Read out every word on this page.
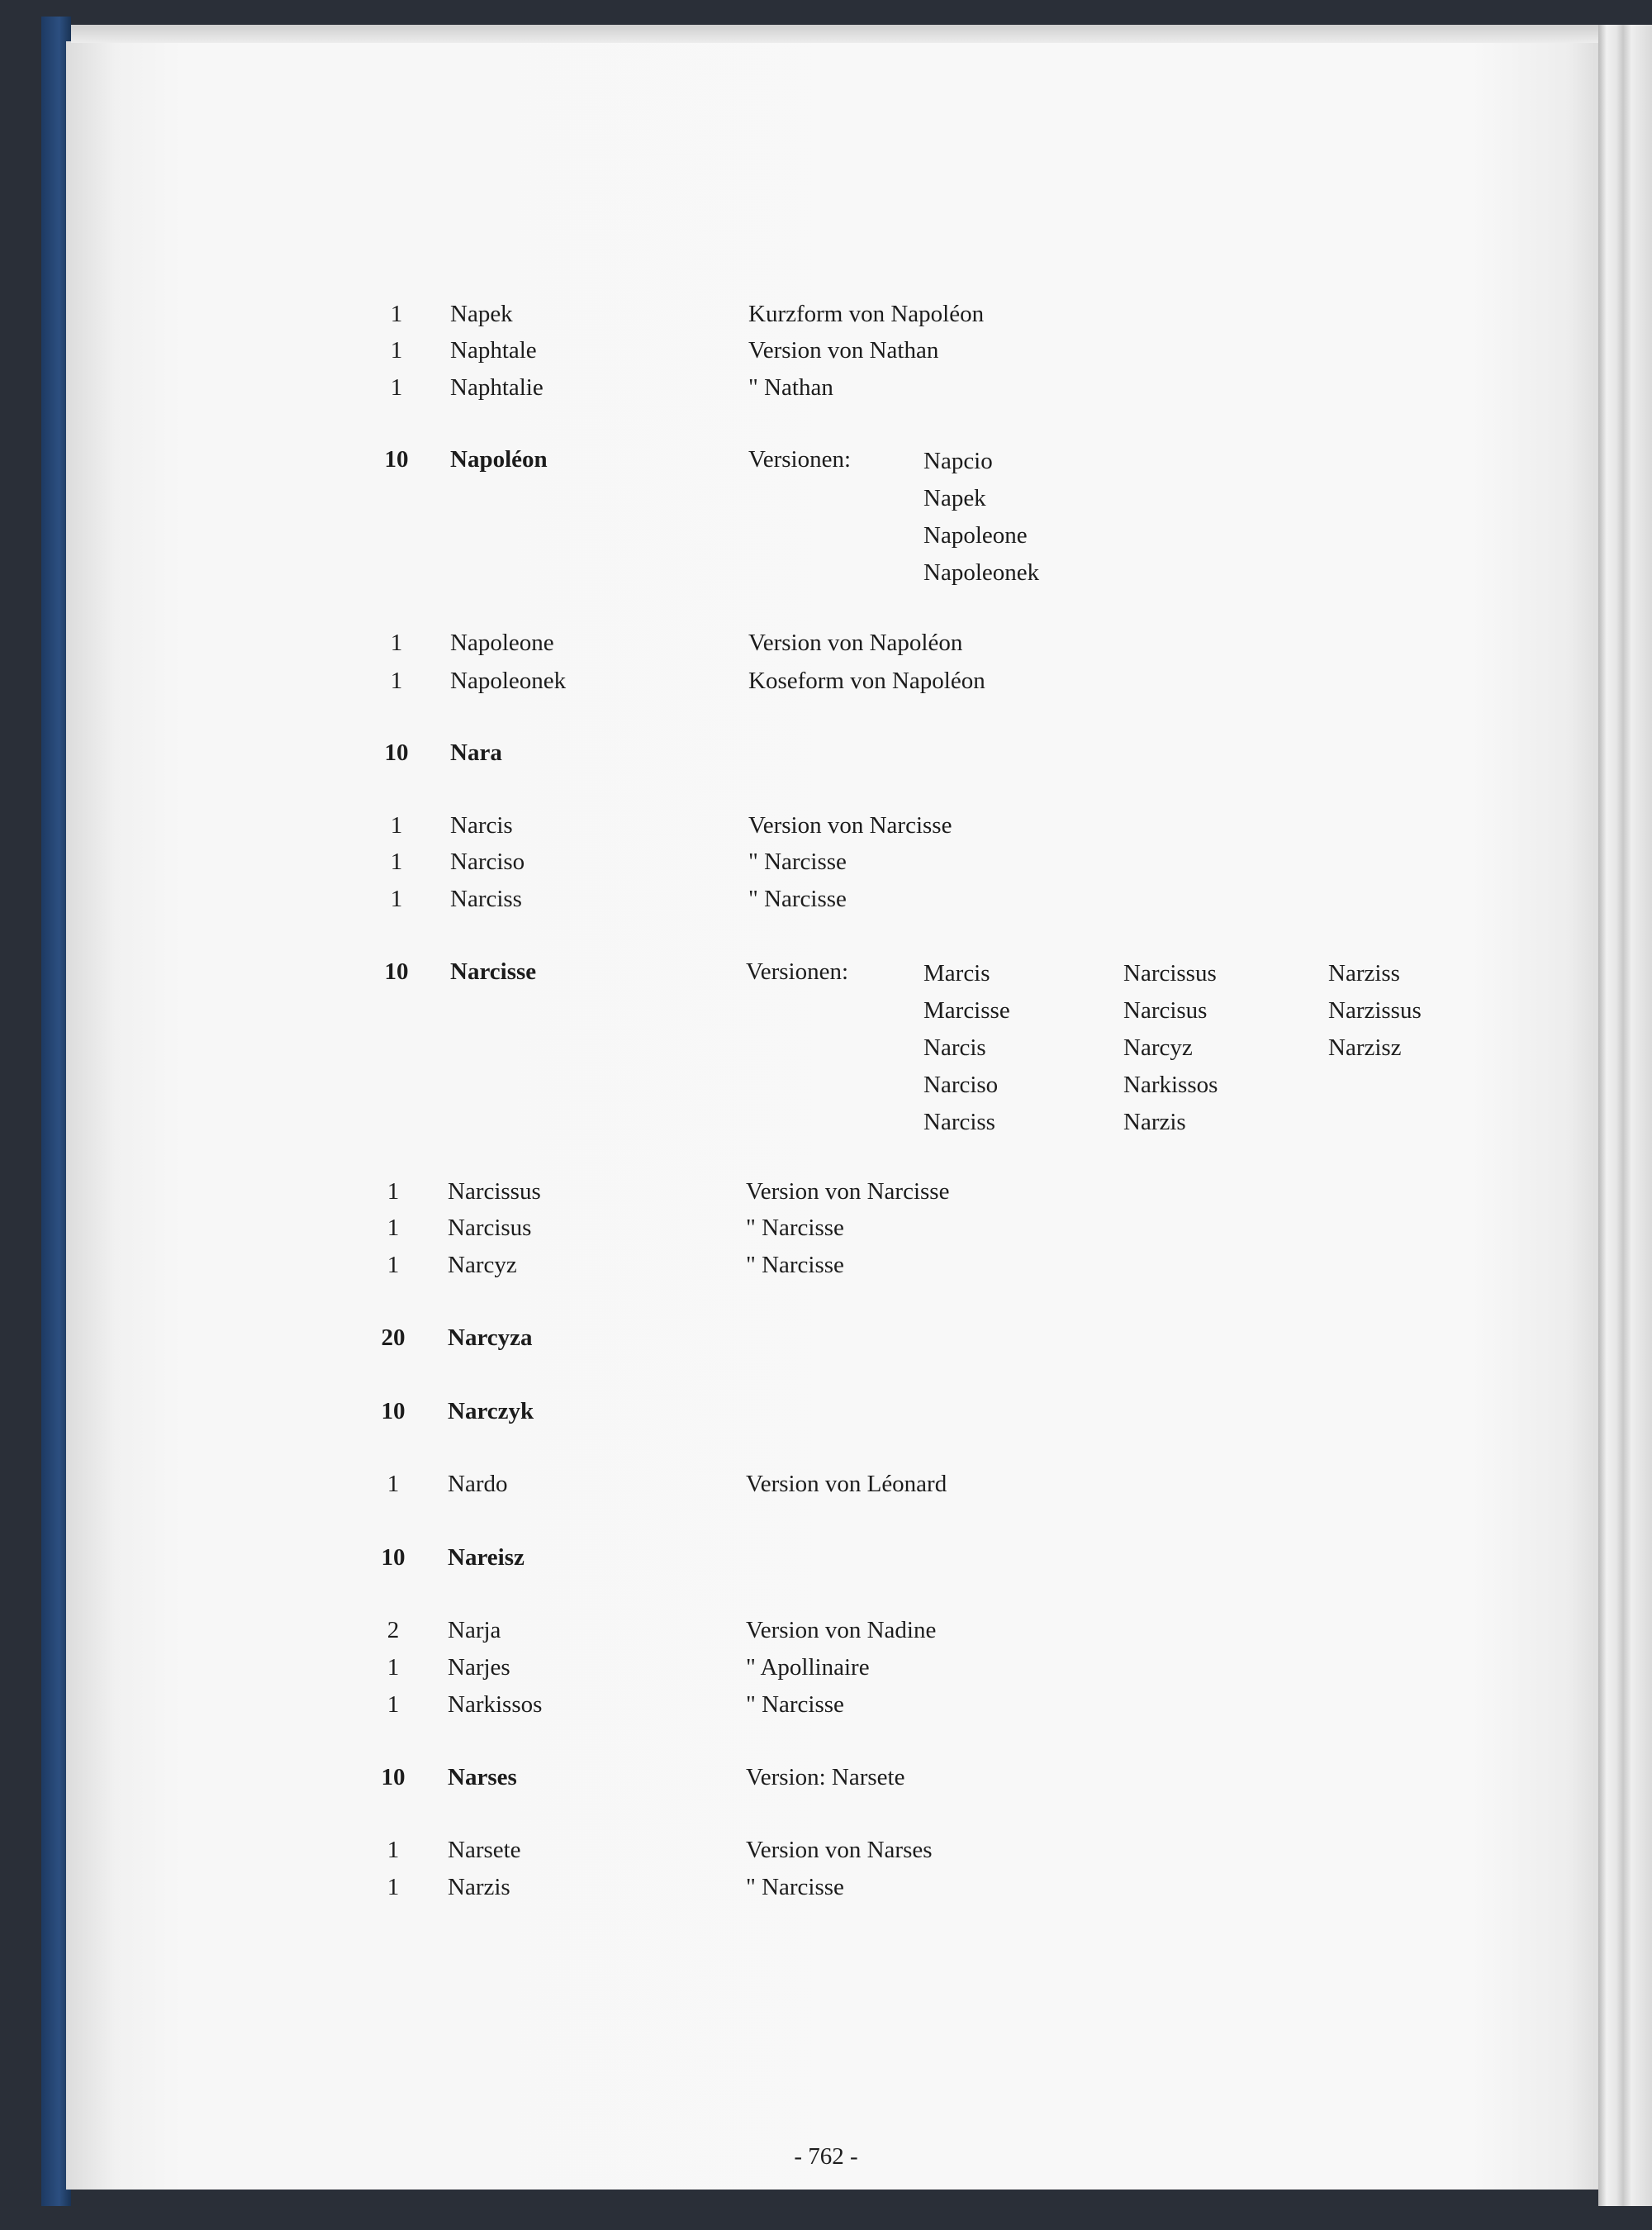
1	Napek	Kurzform von Napoléon
1	Naphtale	Version von Nathan
1	Naphtalie	" Nathan
10	Napoléon	Versionen:	Napcio
Napek
Napoleone
Napoleonek
1	Napoleone	Version von Napoléon
1	Napoleonek	Koseform von Napoléon
10	Nara
1	Narcis	Version von Narcisse
1	Narciso	" Narcisse
1	Narciss	" Narcisse
10	Narcisse	Versionen:	Marcis	Narcissus	Narziss
Marcisse	Narcisus	Narzissus
Narcis	Narcyz	Narzisz
Narciso	Narkissos
Narciss	Narzis
1	Narcissus	Version von Narcisse
1	Narcisus	" Narcisse
1	Narcyz	" Narcisse
20	Narcyza
10	Narczyk
1	Nardo	Version von Léonard
10	Nareisz
2	Narja	Version von Nadine
1	Narjes	" Apollinaire
1	Narkissos	" Narcisse
10	Narses	Version: Narsete
1	Narsete	Version von Narses
1	Narzis	" Narcisse
- 762 -
